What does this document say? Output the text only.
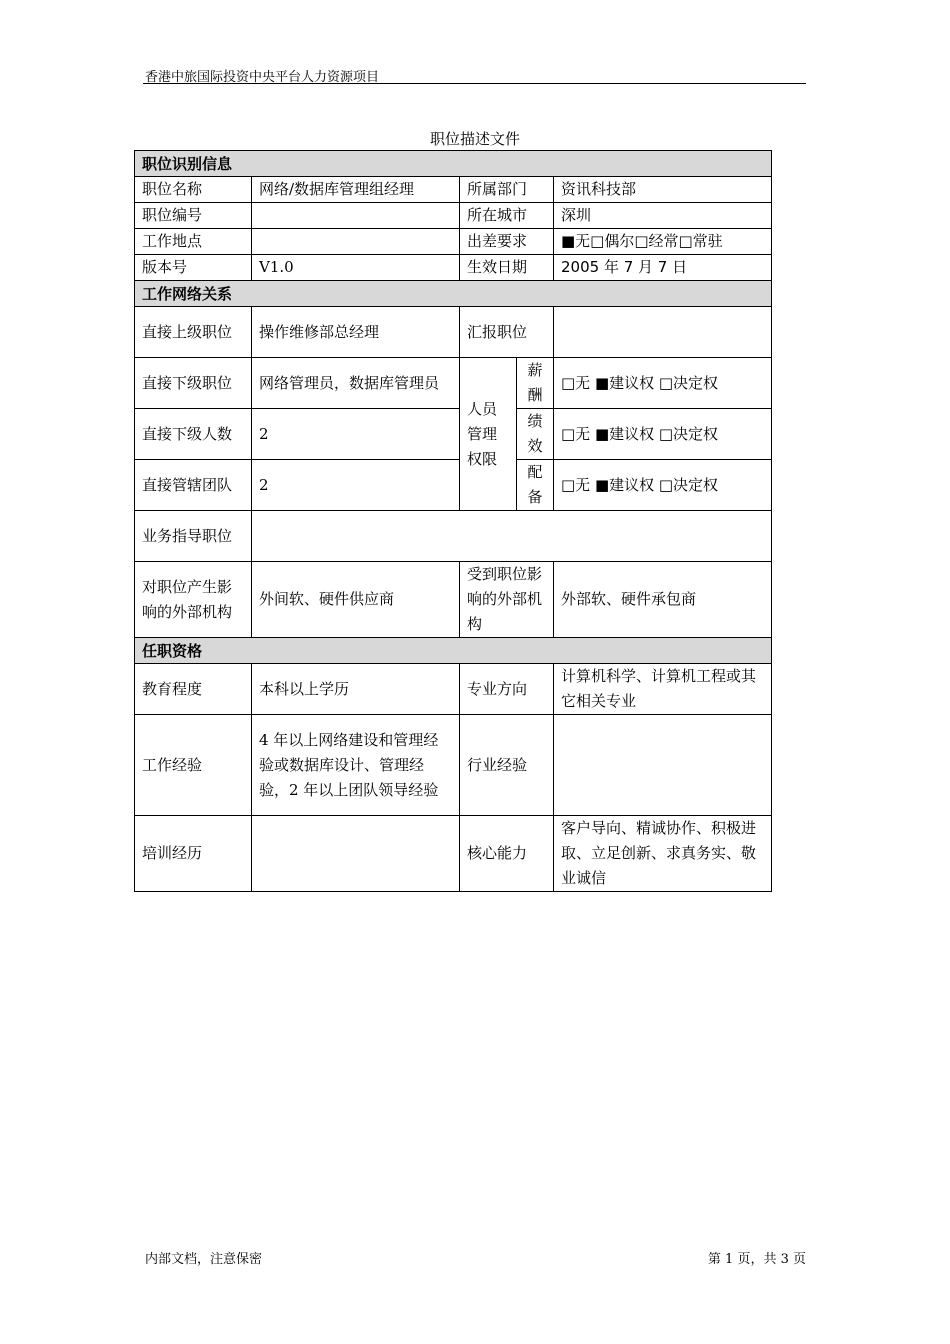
香港中旅国际投资中央平台人力资源项目
职位描述文件
职位识别信息				
职位名称	网络/数据库管理组经理	所属部门		资讯科技部
职位编号		所在城市		深圳
工作地点		出差要求		■无□偶尔□经常□常驻
版本号	V1.0	生效日期		2005 年 7 月 7 日
工作网络关系				
直接上级职位	操作维修部总经理	汇报职位		
直接下级职位	网络管理员，数据库管理员	人员管理权限	薪酬	□无 ■建议权 □决定权
直接下级人数	2		绩效	□无 ■建议权 □决定权
直接管辖团队	2		配备	□无 ■建议权 □决定权
业务指导职位				
对职位产生影响的外部机构	外间软、硬件供应商	受到职位影响的外部机构		外部软、硬件承包商
任职资格				
教育程度	本科以上学历	专业方向		计算机科学、计算机工程或其它相关专业
工作经验	4 年以上网络建设和管理经验或数据库设计、管理经验，2 年以上团队领导经验	行业经验		
培训经历		核心能力		客户导向、精诚协作、积极进取、立足创新、求真务实、敬业诚信
内部文档，注意保密	第 1 页，共 3 页
